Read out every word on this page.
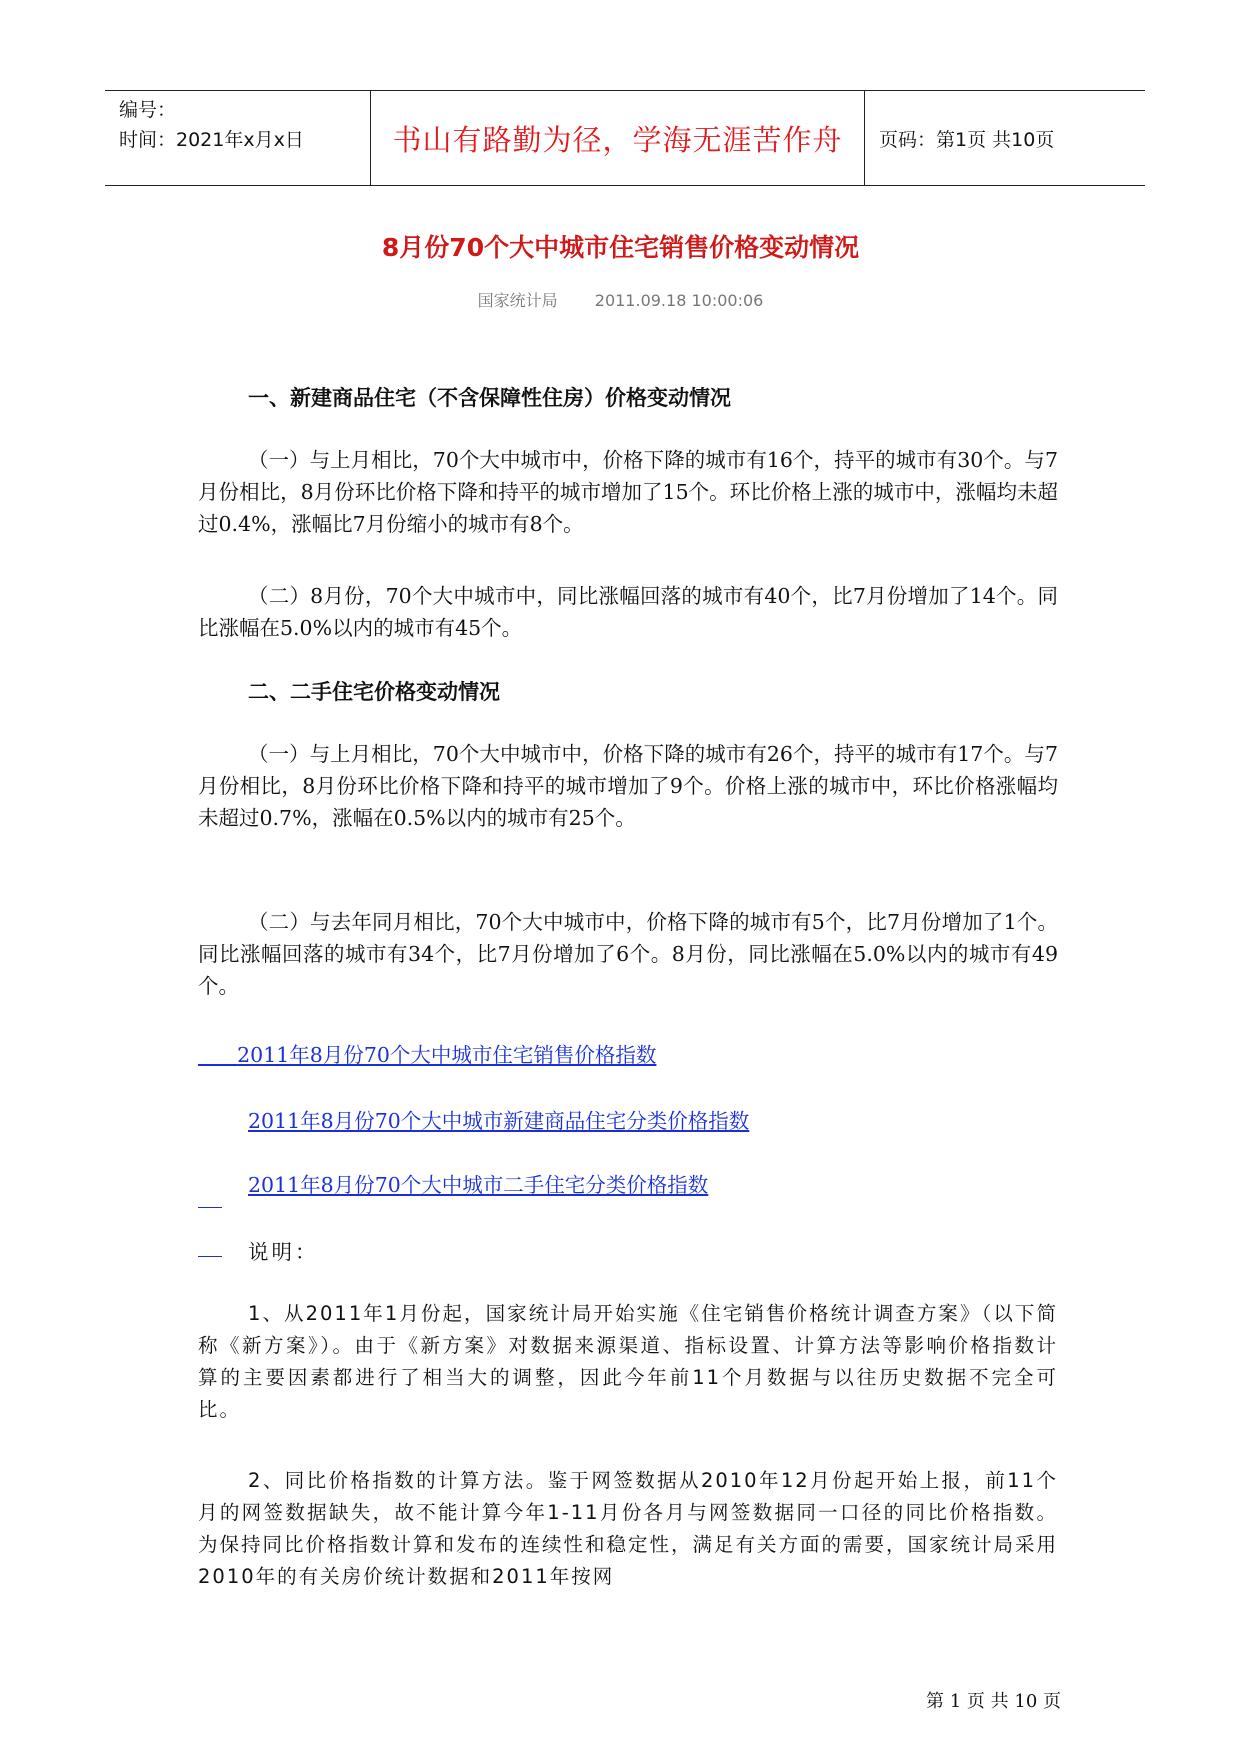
编号：
时间：2021年x月x日	书山有路勤为径，学海无涯苦作舟	页码：第1页 共10页
8月份70个大中城市住宅销售价格变动情况
国家统计局 2011.09.18 10:00:06
一、新建商品住宅（不含保障性住房）价格变动情况

（一）与上月相比，70个大中城市中，价格下降的城市有16个，持平的城市有30个。与7月份相比，8月份环比价格下降和持平的城市增加了15个。环比价格上涨的城市中，涨幅均未超过0.4%，涨幅比7月份缩小的城市有8个。

（二）8月份，70个大中城市中，同比涨幅回落的城市有40个，比7月份增加了14个。同比涨幅在5.0%以内的城市有45个。

二、二手住宅价格变动情况

（一）与上月相比，70个大中城市中，价格下降的城市有26个，持平的城市有17个。与7月份相比，8月份环比价格下降和持平的城市增加了9个。价格上涨的城市中，环比价格涨幅均未超过0.7%，涨幅在0.5%以内的城市有25个。

（二）与去年同月相比，70个大中城市中，价格下降的城市有5个，比7月份增加了1个。同比涨幅回落的城市有34个，比7月份增加了6个。8月份，同比涨幅在5.0%以内的城市有49个。

2011年8月份70个大中城市住宅销售价格指数
2011年8月份70个大中城市新建商品住宅分类价格指数
2011年8月份70个大中城市二手住宅分类价格指数
说明：

1、从2011年1月份起，国家统计局开始实施《住宅销售价格统计调查方案》（以下简称《新方案》）。由于《新方案》对数据来源渠道、指标设置、计算方法等影响价格指数计算的主要因素都进行了相当大的调整，因此今年前11个月数据与以往历史数据不完全可比。

2、同比价格指数的计算方法。鉴于网签数据从2010年12月份起开始上报，前11个月的网签数据缺失，故不能计算今年1-11月份各月与网签数据同一口径的同比价格指数。为保持同比价格指数计算和发布的连续性和稳定性，满足有关方面的需要，国家统计局采用2010年的有关房价统计数据和2011年按网

第 1 页 共 10 页
